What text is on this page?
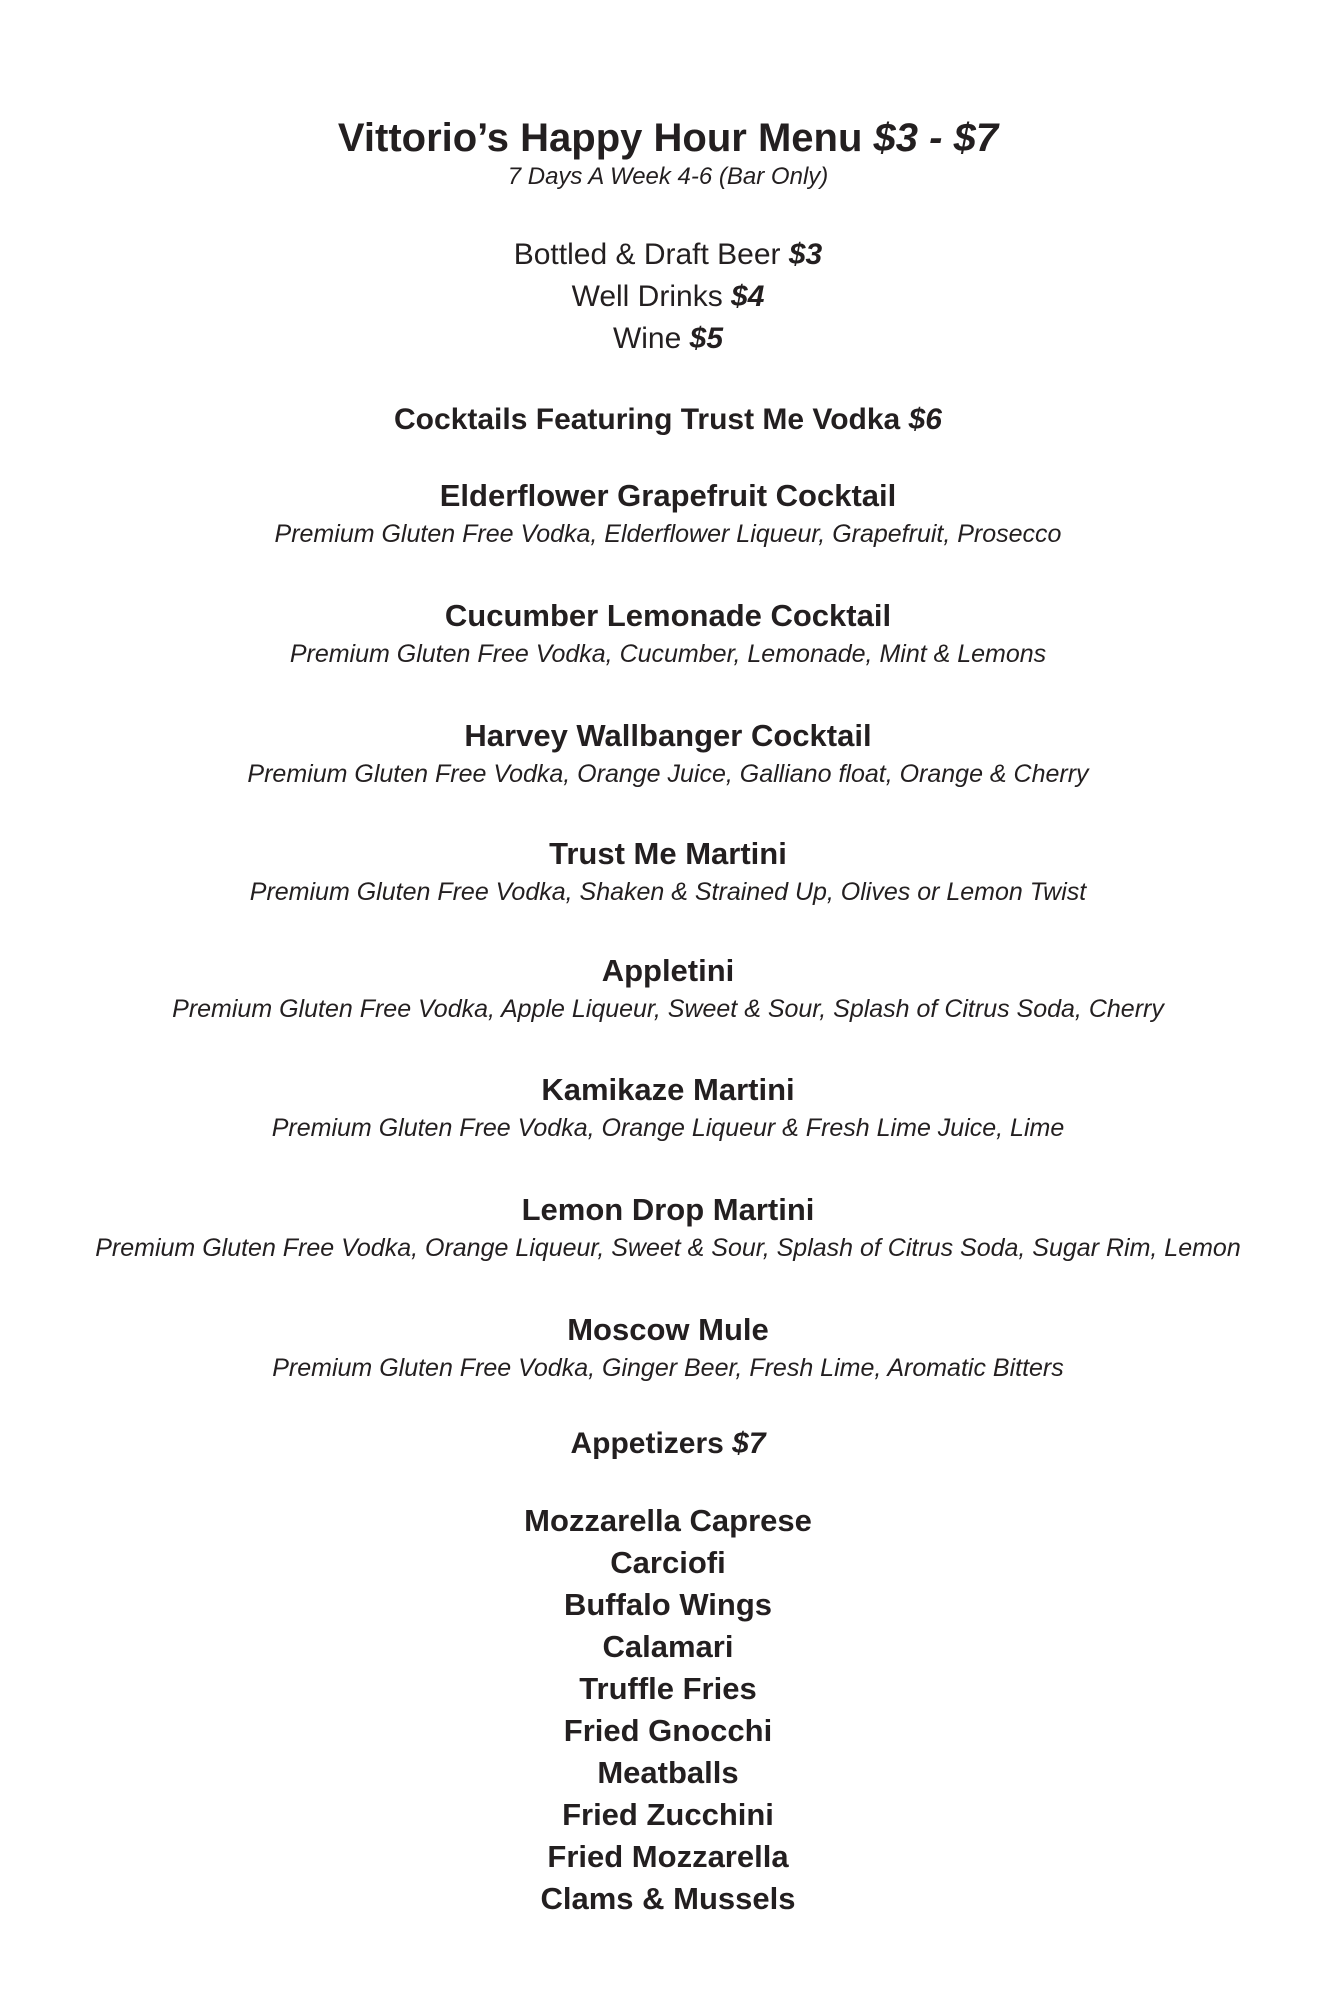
Vittorio’s Happy Hour Menu $3 - $7
7 Days A Week 4-6 (Bar Only)
Bottled & Draft Beer $3
Well Drinks $4
Wine $5
Cocktails Featuring Trust Me Vodka $6
Elderflower Grapefruit Cocktail
Premium Gluten Free Vodka, Elderflower Liqueur, Grapefruit, Prosecco
Cucumber Lemonade Cocktail
Premium Gluten Free Vodka, Cucumber, Lemonade, Mint & Lemons
Harvey Wallbanger Cocktail
Premium Gluten Free Vodka, Orange Juice, Galliano float, Orange & Cherry
Trust Me Martini
Premium Gluten Free Vodka, Shaken & Strained Up, Olives or Lemon Twist
Appletini
Premium Gluten Free Vodka, Apple Liqueur, Sweet & Sour, Splash of Citrus Soda, Cherry
Kamikaze Martini
Premium Gluten Free Vodka, Orange Liqueur & Fresh Lime Juice, Lime
Lemon Drop Martini
Premium Gluten Free Vodka, Orange Liqueur, Sweet & Sour, Splash of Citrus Soda, Sugar Rim, Lemon
Moscow Mule
Premium Gluten Free Vodka, Ginger Beer, Fresh Lime, Aromatic Bitters
Appetizers $7
Mozzarella Caprese
Carciofi
Buffalo Wings
Calamari
Truffle Fries
Fried Gnocchi
Meatballs
Fried Zucchini
Fried Mozzarella
Clams & Mussels
